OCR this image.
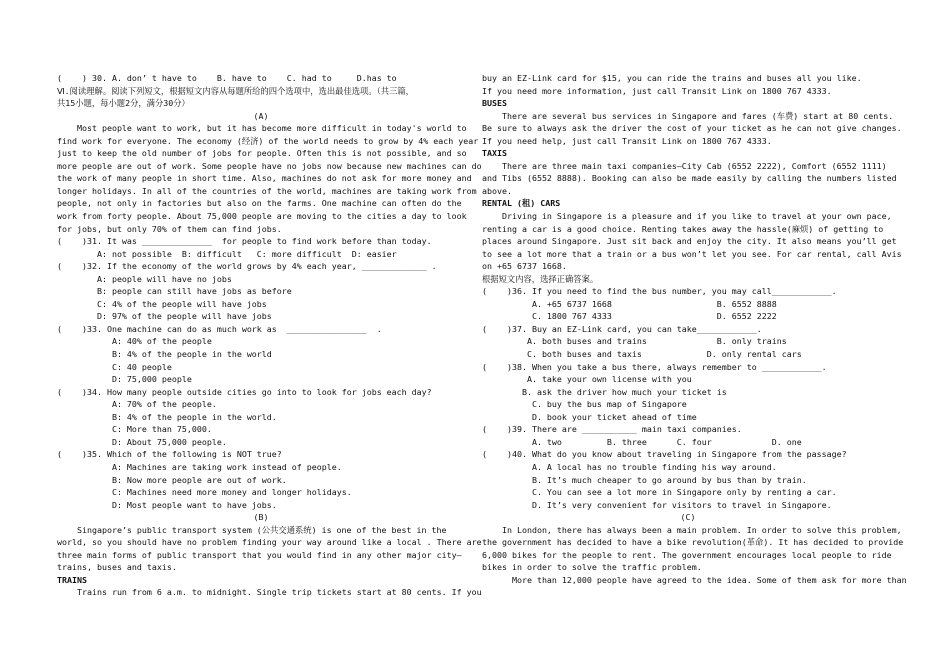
(    ) 30. A. don’ t have to    B. have to    C. had to     D.has to
Ⅵ.阅读理解。阅读下列短文，根据短文内容从每题所给的四个选项中，选出最佳选项。（共三篇，
共15小题，每小题2分，满分30分）
(A)
Most people want to work, but it has become more difficult in today's world to
find work for everyone. The economy (经济) of the world needs to grow by 4% each year
just to keep the old number of jobs for people. Often this is not possible, and so
more people are out of work. Some people have no jobs now because new machines can do
the work of many people in short time. Also, machines do not ask for more money and
longer holidays. In all of the countries of the world, machines are taking work from
people, not only in factories but also on the farms. One machine can often do the
work from forty people. About 75,000 people are moving to the cities a day to look
for jobs, but only 70% of them can find jobs.
(    )31. It was ______________  for people to find work before than today.
A: not possible  B: difficult   C: more difficult  D: easier
(    )32. If the economy of the world grows by 4% each year, _____________ .
A: people will have no jobs
B: people can still have jobs as before
C: 4% of the people will have jobs
D: 97% of the people will have jobs
(    )33. One machine can do as much work as  ________________  .
A: 40% of the people
B: 4% of the people in the world
C: 40 people
D: 75,000 people
(    )34. How many people outside cities go into to look for jobs each day?
A: 70% of the people.
B: 4% of the people in the world.
C: More than 75,000.
D: About 75,000 people.
(    )35. Which of the following is NOT true?
A: Machines are taking work instead of people.
B: Now more people are out of work.
C: Machines need more money and longer holidays.
D: Most people want to have jobs.
(B)
Singapore’s public transport system (公共交通系统) is one of the best in the
world, so you should have no problem finding your way around like a local . There are
three main forms of public transport that you would find in any other major city—
trains, buses and taxis.
TRAINS
Trains run from 6 a.m. to midnight. Single trip tickets start at 80 cents. If you
buy an EZ-Link card for $15, you can ride the trains and buses all you like.
If you need more information, just call Transit Link on 1800 767 4333.
BUSES
There are several bus services in Singapore and fares (车费) start at 80 cents.
Be sure to always ask the driver the cost of your ticket as he can not give changes.
If you need help, just call Transit Link on 1800 767 4333.
TAXIS
There are three main taxi companies—City Cab (6552 2222), Comfort (6552 1111)
and Tibs (6552 8888). Booking can also be made easily by calling the numbers listed
above.
RENTAL (租) CARS
Driving in Singapore is a pleasure and if you like to travel at your own pace,
renting a car is a good choice. Renting takes away the hassle(麻烦) of getting to
places around Singapore. Just sit back and enjoy the city. It also means you’ll get
to see a lot more that a train or a bus won’t let you see. For car rental, call Avis
on +65 6737 1668.
根据短文内容，选择正确答案。
(    )36. If you need to find the bus number, you may call____________.
A. +65 6737 1668                     B. 6552 8888
C. 1800 767 4333                     D. 6552 2222
(    )37. Buy an EZ-Link card, you can take____________.
A. both buses and trains              B. only trains
C. both buses and taxis             D. only rental cars
(    )38. When you take a bus there, always remember to ____________.
A. take your own license with you
B. ask the driver how much your ticket is
C. buy the bus map of Singapore
D. book your ticket ahead of time
(    )39. There are ___________ main taxi companies.
A. two         B. three      C. four            D. one
(    )40. What do you know about traveling in Singapore from the passage?
A. A local has no trouble finding his way around.
B. It’s much cheaper to go around by bus than by train.
C. You can see a lot more in Singapore only by renting a car.
D. It’s very convenient for visitors to travel in Singapore.
(C)
In London, there has always been a main problem. In order to solve this problem,
the government has decided to have a bike revolution(革命). It has decided to provide
6,000 bikes for the people to rent. The government encourages local people to ride
bikes in order to solve the traffic problem.
More than 12,000 people have agreed to the idea. Some of them ask for more than
